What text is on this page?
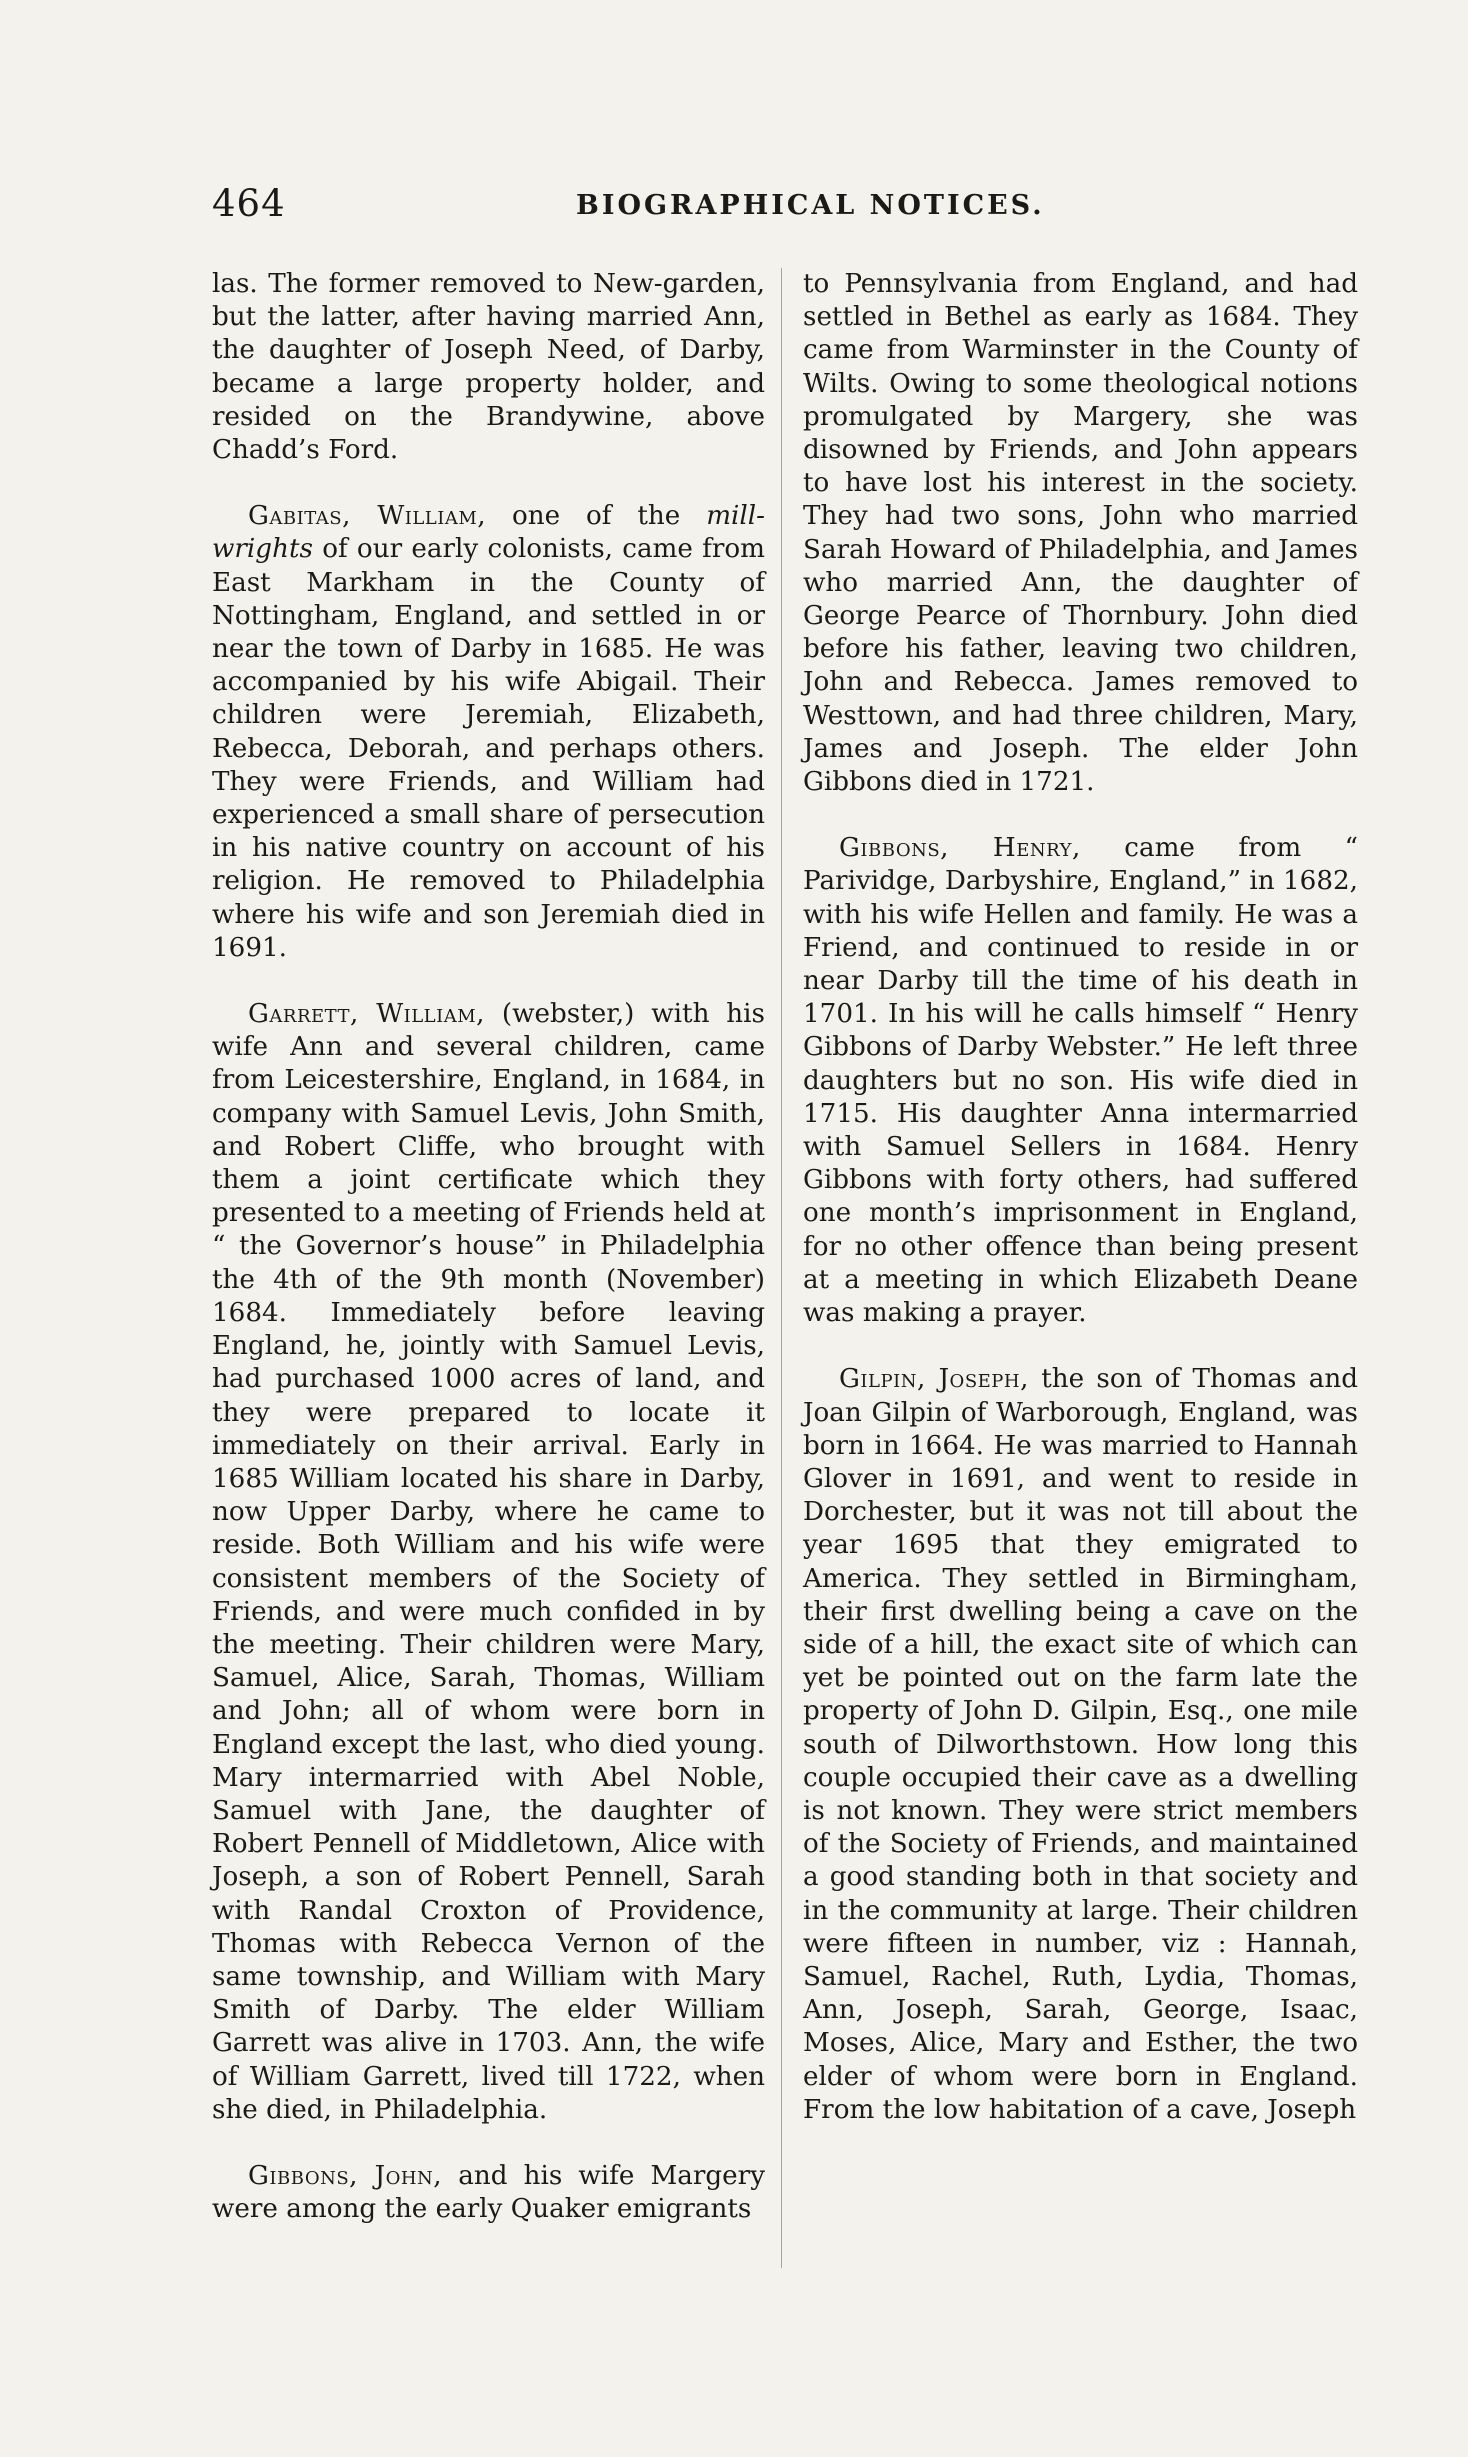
464	BIOGRAPHICAL NOTICES.

las. The former removed to New-garden, but the latter, after having married Ann, the daughter of Joseph Need, of Darby, became a large property holder, and resided on the Brandywine, above Chadd’s Ford.

Gabitas, William, one of the mill-wrights of our early colonists, came from East Markham in the County of Nottingham, England, and settled in or near the town of Darby in 1685. He was accompanied by his wife Abigail. Their children were Jeremiah, Elizabeth, Rebecca, Deborah, and perhaps others. They were Friends, and William had experienced a small share of persecution in his native country on account of his religion. He removed to Philadelphia where his wife and son Jeremiah died in 1691.

Garrett, William, (webster,) with his wife Ann and several children, came from Leicestershire, England, in 1684, in company with Samuel Levis, John Smith, and Robert Cliffe, who brought with them a joint certificate which they presented to a meeting of Friends held at “ the Governor’s house” in Philadelphia the 4th of the 9th month (November) 1684. Immediately before leaving England, he, jointly with Samuel Levis, had purchased 1000 acres of land, and they were prepared to locate it immediately on their arrival. Early in 1685 William located his share in Darby, now Upper Darby, where he came to reside. Both William and his wife were consistent members of the Society of Friends, and were much confided in by the meeting. Their children were Mary, Samuel, Alice, Sarah, Thomas, William and John; all of whom were born in England except the last, who died young. Mary intermarried with Abel Noble, Samuel with Jane, the daughter of Robert Pennell of Middletown, Alice with Joseph, a son of Robert Pennell, Sarah with Randal Croxton of Providence, Thomas with Rebecca Vernon of the same township, and William with Mary Smith of Darby. The elder William Garrett was alive in 1703. Ann, the wife of William Garrett, lived till 1722, when she died, in Philadelphia.

Gibbons, John, and his wife Margery were among the early Quaker emigrants

to Pennsylvania from England, and had settled in Bethel as early as 1684. They came from Warminster in the County of Wilts. Owing to some theological notions promulgated by Margery, she was disowned by Friends, and John appears to have lost his interest in the society. They had two sons, John who married Sarah Howard of Philadelphia, and James who married Ann, the daughter of George Pearce of Thornbury. John died before his father, leaving two children, John and Rebecca. James removed to Westtown, and had three children, Mary, James and Joseph. The elder John Gibbons died in 1721.

Gibbons, Henry, came from “ Parividge, Darbyshire, England,” in 1682, with his wife Hellen and family. He was a Friend, and continued to reside in or near Darby till the time of his death in 1701. In his will he calls himself “ Henry Gibbons of Darby Webster.” He left three daughters but no son. His wife died in 1715. His daughter Anna intermarried with Samuel Sellers in 1684. Henry Gibbons with forty others, had suffered one month’s imprisonment in England, for no other offence than being present at a meeting in which Elizabeth Deane was making a prayer.

Gilpin, Joseph, the son of Thomas and Joan Gilpin of Warborough, England, was born in 1664. He was married to Hannah Glover in 1691, and went to reside in Dorchester, but it was not till about the year 1695 that they emigrated to America. They settled in Birmingham, their first dwelling being a cave on the side of a hill, the exact site of which can yet be pointed out on the farm late the property of John D. Gilpin, Esq., one mile south of Dilworthstown. How long this couple occupied their cave as a dwelling is not known. They were strict members of the Society of Friends, and maintained a good standing both in that society and in the community at large. Their children were fifteen in number, viz : Hannah, Samuel, Rachel, Ruth, Lydia, Thomas, Ann, Joseph, Sarah, George, Isaac, Moses, Alice, Mary and Esther, the two elder of whom were born in England. From the low habitation of a cave, Joseph
